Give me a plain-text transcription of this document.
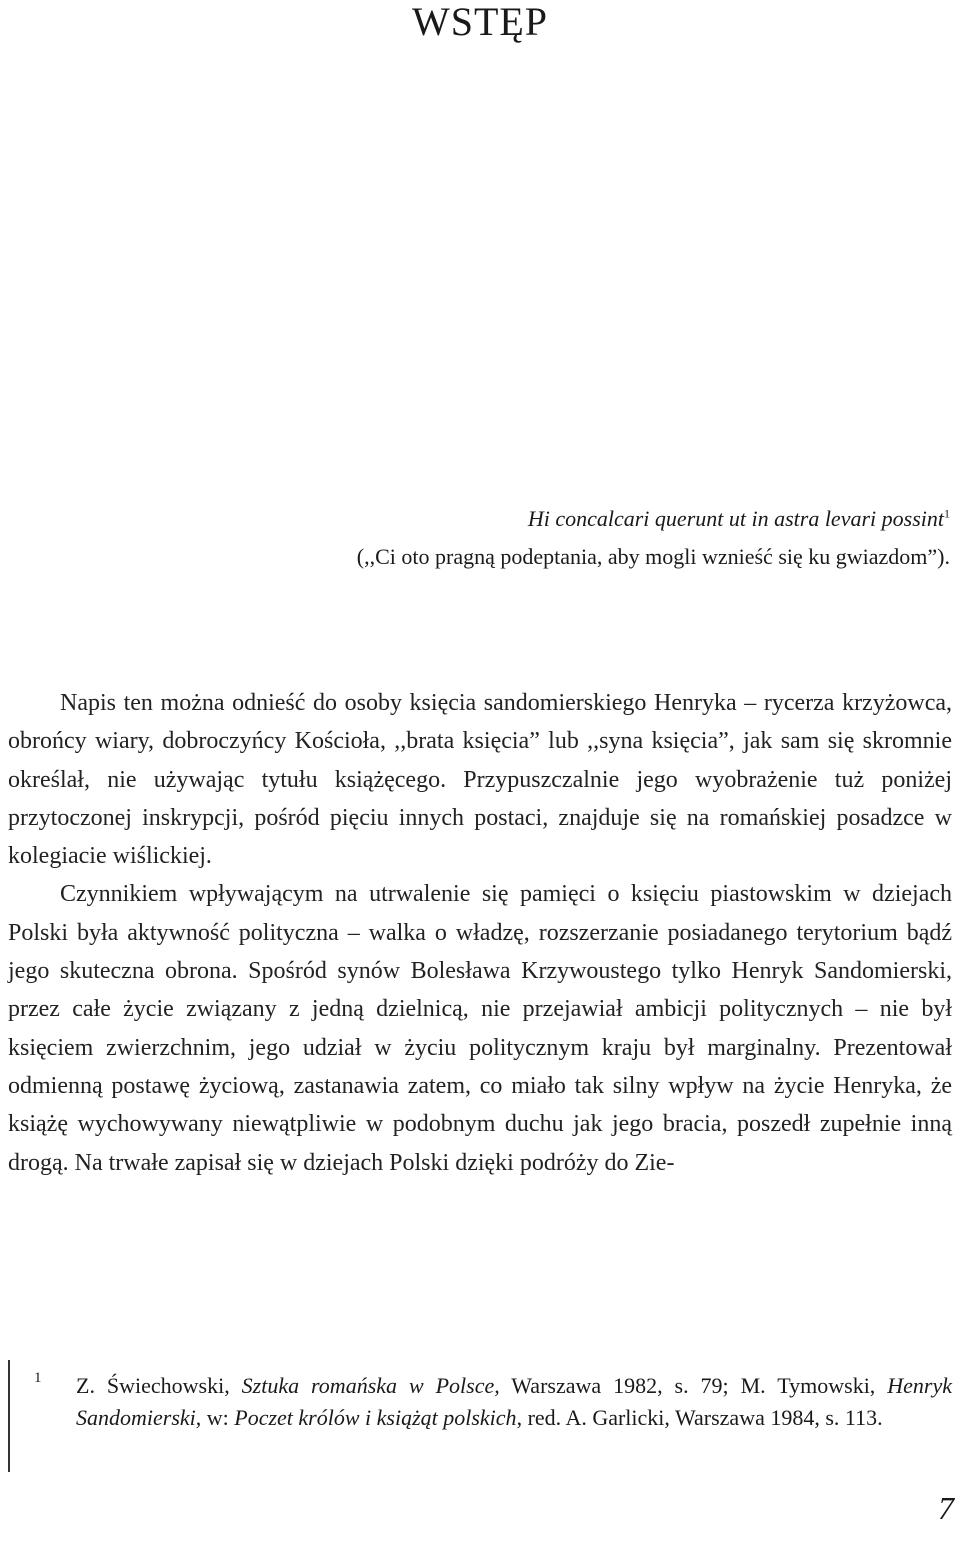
WSTĘP
Hi concalcari querunt ut in astra levari possint$^1$
(,,Ci oto pragną podeptania, aby mogli wznieść się ku gwiazdom”).

Napis ten można odnieść do osoby księcia sandomierskiego Henryka – rycerza krzyżowca, obrońcy wiary, dobroczyńcy Kościoła, ,,brata księcia” lub ,,syna księcia”, jak sam się skromnie określał, nie używając tytułu książęcego. Przypuszczalnie jego wyobrażenie tuż poniżej przytoczonej inskrypcji, pośród pięciu innych postaci, znajduje się na romańskiej posadzce w kolegiacie wiślickiej.

Czynnikiem wpływającym na utrwalenie się pamięci o księciu piastowskim w dziejach Polski była aktywność polityczna – walka o władzę, rozszerzanie posiadanego terytorium bądź jego skuteczna obrona. Spośród synów Bolesława Krzywoustego tylko Henryk Sandomierski, przez całe życie związany z jedną dzielnicą, nie przejawiał ambicji politycznych – nie był księciem zwierzchnim, jego udział w życiu politycznym kraju był marginalny. Prezentował odmienną postawę życiową, zastanawia zatem, co miało tak silny wpływ na życie Henryka, że książę wychowywany niewątpliwie w podobnym duchu jak jego bracia, poszedł zupełnie inną drogą. Na trwałe zapisał się w dziejach Polski dzięki podróży do Zie-

1 Z. Świechowski, Sztuka romańska w Polsce, Warszawa 1982, s. 79; M. Tymowski, Henryk Sandomierski, w: Poczet królów i książąt polskich, red. A. Garlicki, Warszawa 1984, s. 113.
7
